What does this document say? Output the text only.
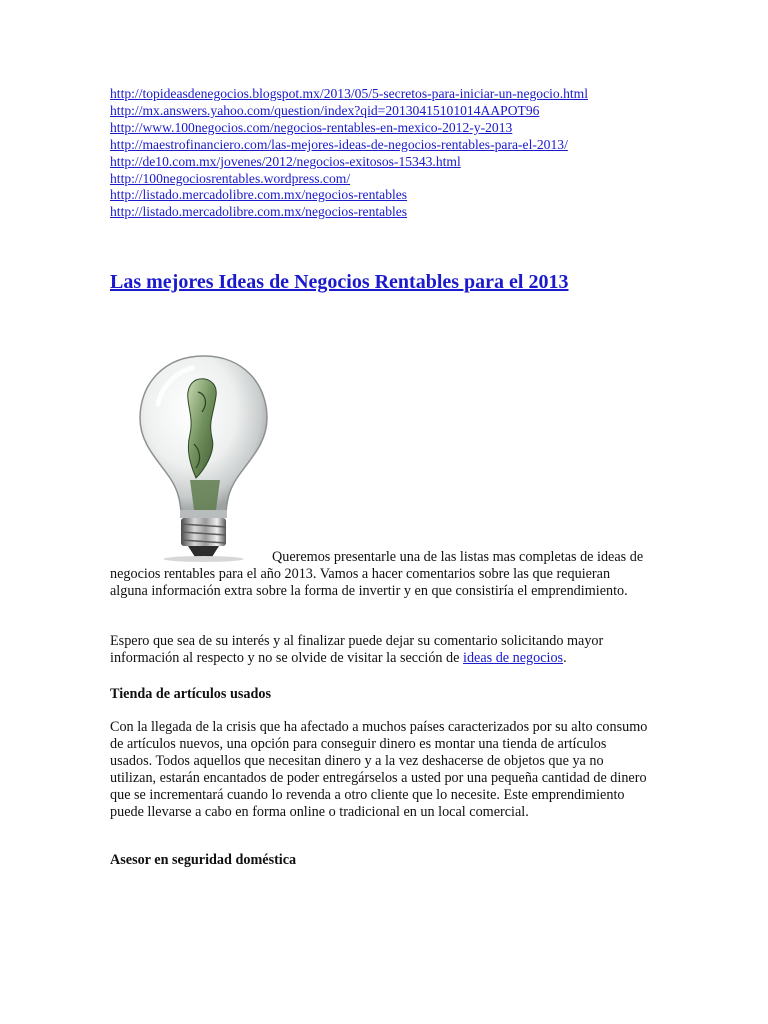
http://topideasdenegocios.blogspot.mx/2013/05/5-secretos-para-iniciar-un-negocio.html
http://mx.answers.yahoo.com/question/index?qid=20130415101014AAPOT96
http://www.100negocios.com/negocios-rentables-en-mexico-2012-y-2013
http://maestrofinanciero.com/las-mejores-ideas-de-negocios-rentables-para-el-2013/
http://de10.com.mx/jovenes/2012/negocios-exitosos-15343.html
http://100negociosrentables.wordpress.com/
http://listado.mercadolibre.com.mx/negocios-rentables
http://listado.mercadolibre.com.mx/negocios-rentables
Las mejores Ideas de Negocios Rentables para el 2013

Queremos presentarle una de las listas mas completas de ideas de negocios rentables para el año 2013. Vamos a hacer comentarios sobre las que requieran alguna información extra sobre la forma de invertir y en que consistiría el emprendimiento.

Espero que sea de su interés y al finalizar puede dejar su comentario solicitando mayor información al respecto y no se olvide de visitar la sección de ideas de negocios.

Tienda de artículos usados

Con la llegada de la crisis que ha afectado a muchos países caracterizados por su alto consumo de artículos nuevos, una opción para conseguir dinero es montar una tienda de artículos usados. Todos aquellos que necesitan dinero y a la vez deshacerse de objetos que ya no utilizan, estarán encantados de poder entregárselos a usted por una pequeña cantidad de dinero que se incrementará cuando lo revenda a otro cliente que lo necesite. Este emprendimiento puede llevarse a cabo en forma online o tradicional en un local comercial.

Asesor en seguridad doméstica
